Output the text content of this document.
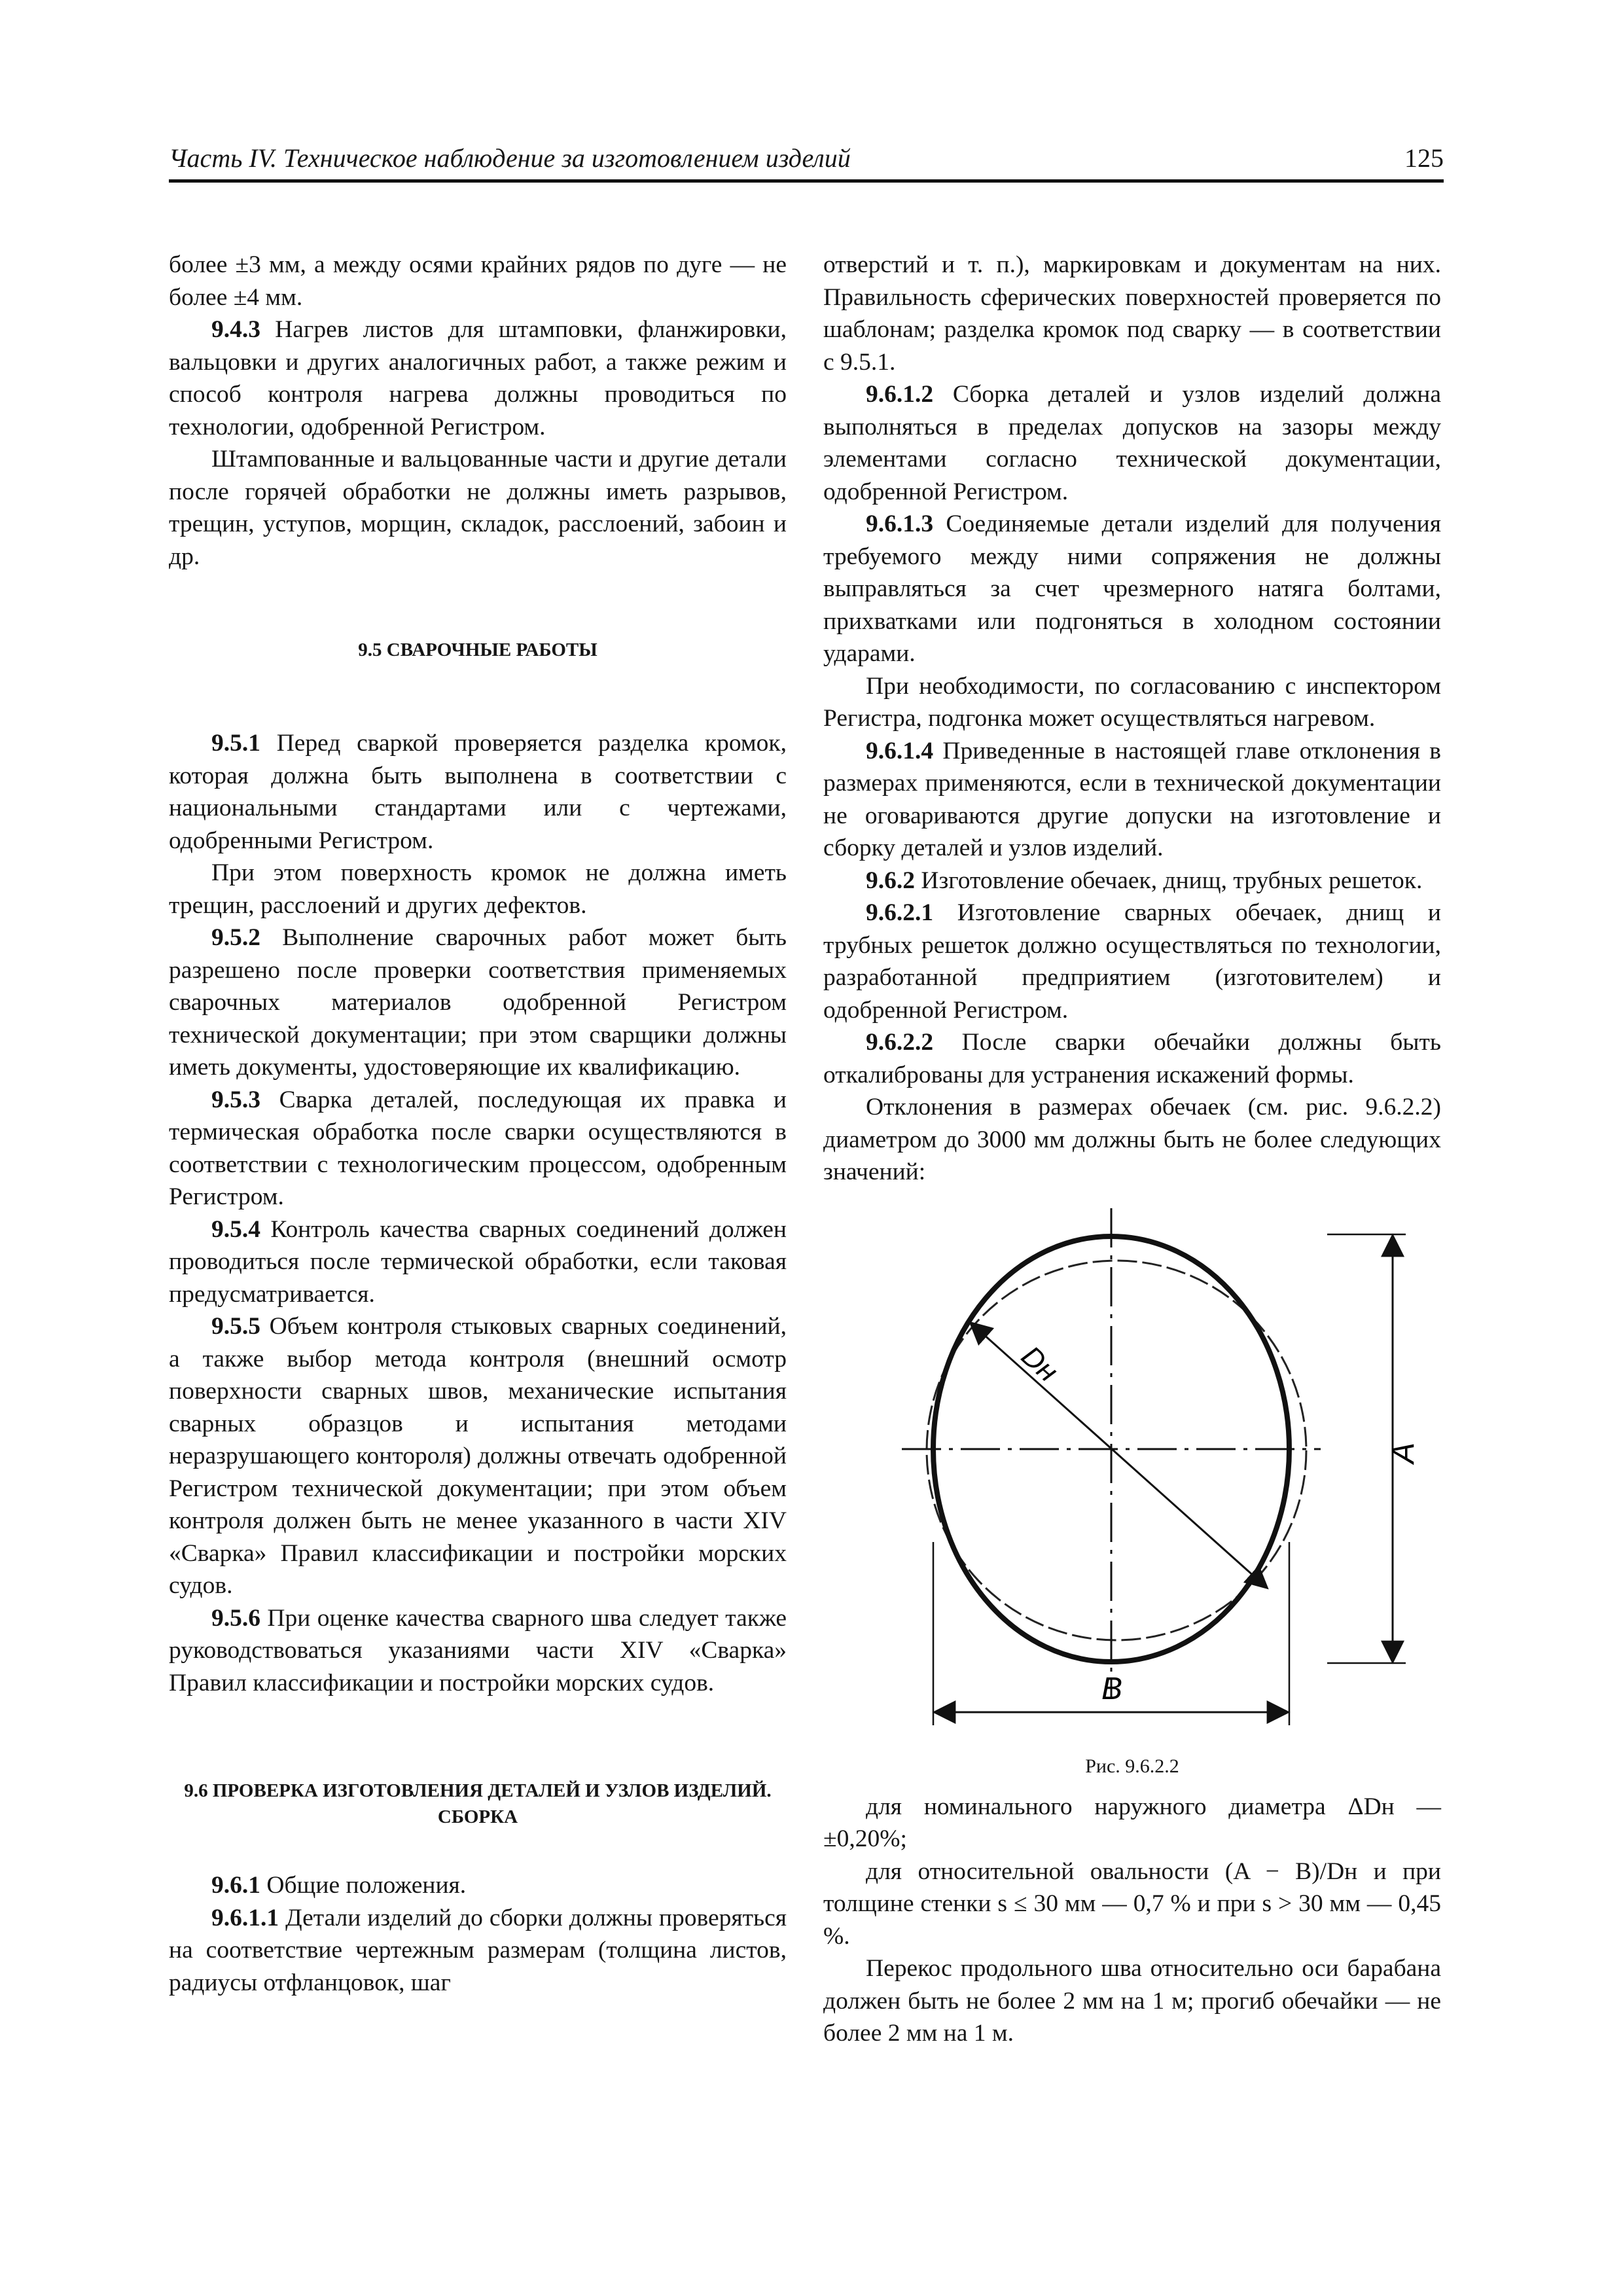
Часть IV. Техническое наблюдение за изготовлением изделий	125

более ±3 мм, а между осями крайних рядов по дуге — не более ±4 мм.

9.4.3 Нагрев листов для штамповки, фланжировки, вальцовки и других аналогичных работ, а также режим и способ контроля нагрева должны проводиться по технологии, одобренной Регистром.

Штампованные и вальцованные части и другие детали после горячей обработки не должны иметь разрывов, трещин, уступов, морщин, складок, расслоений, забоин и др.

9.5 СВАРОЧНЫЕ РАБОТЫ

9.5.1 Перед сваркой проверяется разделка кромок, которая должна быть выполнена в соответствии с национальными стандартами или с чертежами, одобренными Регистром.

При этом поверхность кромок не должна иметь трещин, расслоений и других дефектов.

9.5.2 Выполнение сварочных работ может быть разрешено после проверки соответствия применяемых сварочных материалов одобренной Регистром технической документации; при этом сварщики должны иметь документы, удостоверяющие их квалификацию.

9.5.3 Сварка деталей, последующая их правка и термическая обработка после сварки осуществляются в соответствии с технологическим процессом, одобренным Регистром.

9.5.4 Контроль качества сварных соединений должен проводиться после термической обработки, если таковая предусматривается.

9.5.5 Объем контроля стыковых сварных соединений, а также выбор метода контроля (внешний осмотр поверхности сварных швов, механические испытания сварных образцов и испытания методами неразрушающего конторoля) должны отвечать одобренной Регистром технической документации; при этом объем контроля должен быть не менее указанного в части XIV «Сварка» Правил классификации и постройки морских судов.

9.5.6 При оценке качества сварного шва следует также руководствоваться указаниями части XIV «Сварка» Правил классификации и постройки морских судов.

9.6 ПРОВЕРКА ИЗГОТОВЛЕНИЯ ДЕТАЛЕЙ И УЗЛОВ ИЗДЕЛИЙ. СБОРКА

9.6.1 Общие положения.

9.6.1.1 Детали изделий до сборки должны проверяться на соответствие чертежным размерам (толщина листов, радиусы отфланцовок, шаг

отверстий и т. п.), маркировкам и документам на них. Правильность сферических поверхностей проверяется по шаблонам; разделка кромок под сварку — в соответствии с 9.5.1.

9.6.1.2 Сборка деталей и узлов изделий должна выполняться в пределах допусков на зазоры между элементами согласно технической документации, одобренной Регистром.

9.6.1.3 Соединяемые детали изделий для получения требуемого между ними сопряжения не должны выправляться за счет чрезмерного натяга болтами, прихватками или подгоняться в холодном состоянии ударами.

При необходимости, по согласованию с инспектором Регистра, подгонка может осуществляться нагревом.

9.6.1.4 Приведенные в настоящей главе отклонения в размерах применяются, если в технической документации не оговариваются другие допуски на изготовление и сборку деталей и узлов изделий.

9.6.2 Изготовление обечаек, днищ, трубных решеток.

9.6.2.1 Изготовление сварных обечаек, днищ и трубных решеток должно осуществляться по технологии, разработанной предприятием (изготовителем) и одобренной Регистром.

9.6.2.2 После сварки обечайки должны быть откалиброваны для устранения искажений формы.

Отклонения в размерах обечаек (см. рис. 9.6.2.2) диаметром до 3000 мм должны быть не более следующих значений:

Dн
A
B
Рис. 9.6.2.2

для номинального наружного диаметра ΔDн — ±0,20%;

для относительной овальности (A − B)/Dн и при толщине стенки s ≤ 30 мм — 0,7 % и при s > 30 мм — 0,45 %.

Перекос продольного шва относительно оси барабана должен быть не более 2 мм на 1 м; прогиб обечайки — не более 2 мм на 1 м.
